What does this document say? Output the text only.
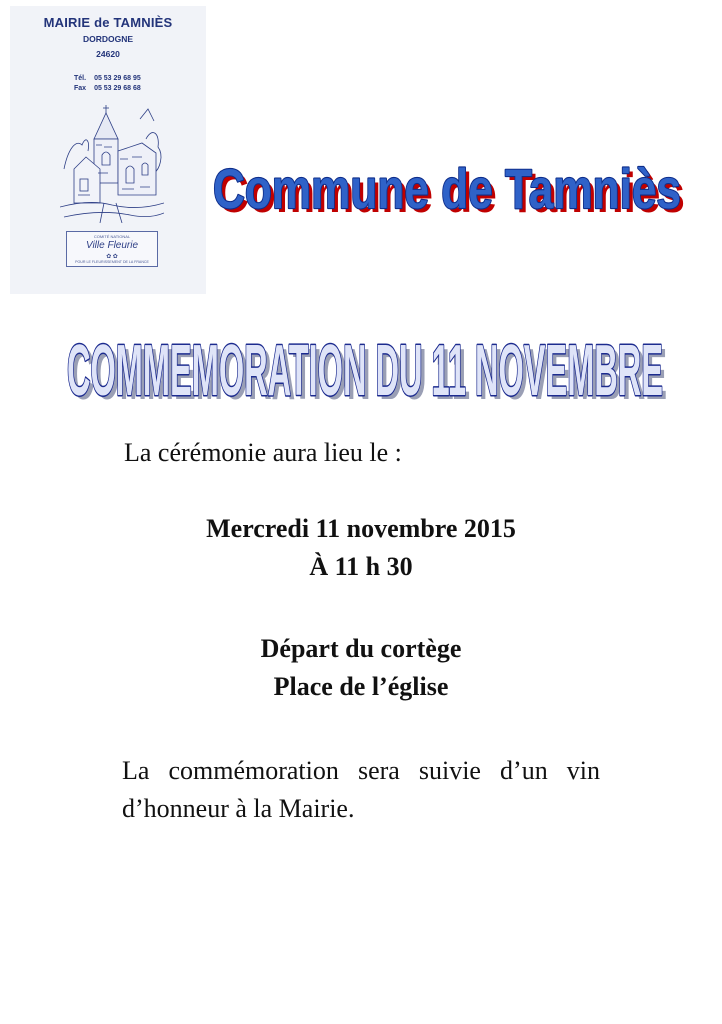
MAIRIE de TAMNIÈS
DORDOGNE
24620
Tél. 05 53 29 68 95
Fax 05 53 29 68 68
COMITÉ NATIONAL
Ville Fleurie
✿ ✿
POUR LE FLEURISSEMENT DE LA FRANCE
Commune de Tamniès
Commune de Tamniès
COMMEMORATION DU 11 NOVEMBRE
COMMEMORATION DU 11 NOVEMBRE
La cérémonie aura lieu le :
Mercredi 11 novembre 2015
À 11 h 30
Départ du cortège
Place de l’église
La commémoration sera suivie d’un vin d’honneur à la Mairie.
